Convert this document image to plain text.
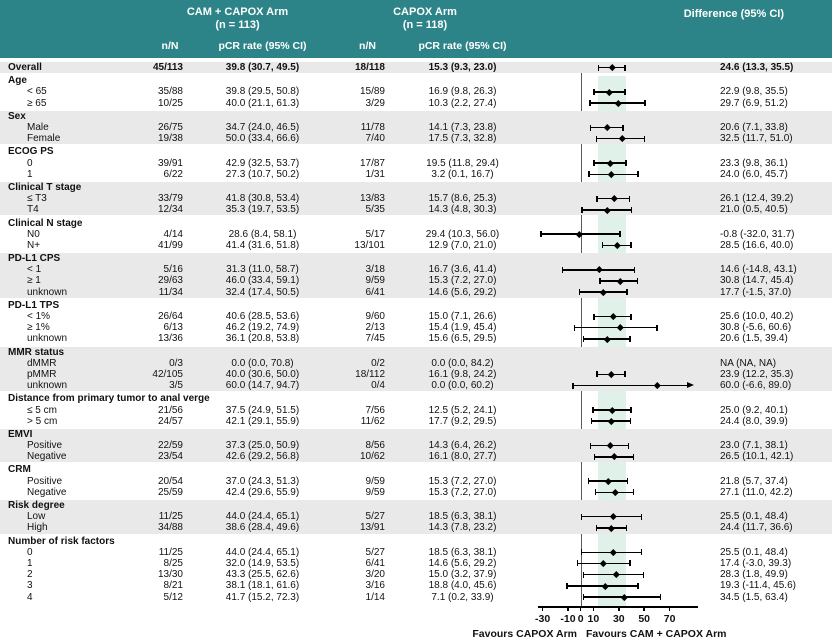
CAM + CAPOX Arm
(n = 113)
CAPOX Arm
(n = 118)
Difference (95% CI)
n/N	pCR rate (95% CI)	n/N	pCR rate (95% CI)
Overall	45/113	39.8 (30.7, 49.5)	18/118	15.3 (9.3, 23.0)	24.6 (13.3, 35.5)
Age
< 65	35/88	39.8 (29.5, 50.8)	15/89	16.9 (9.8, 26.3)	22.9 (9.8, 35.5)
≥ 65	10/25	40.0 (21.1, 61.3)	3/29	10.3 (2.2, 27.4)	29.7 (6.9, 51.2)
Sex
Male	26/75	34.7 (24.0, 46.5)	11/78	14.1 (7.3, 23.8)	20.6 (7.1, 33.8)
Female	19/38	50.0 (33.4, 66.6)	7/40	17.5 (7.3, 32.8)	32.5 (11.7, 51.0)
ECOG PS
0	39/91	42.9 (32.5, 53.7)	17/87	19.5 (11.8, 29.4)	23.3 (9.8, 36.1)
1	6/22	27.3 (10.7, 50.2)	1/31	3.2 (0.1, 16.7)	24.0 (6.0, 45.7)
Clinical T stage
≤ T3	33/79	41.8 (30.8, 53.4)	13/83	15.7 (8.6, 25.3)	26.1 (12.4, 39.2)
T4	12/34	35.3 (19.7, 53.5)	5/35	14.3 (4.8, 30.3)	21.0 (0.5, 40.5)
Clinical N stage
N0	4/14	28.6 (8.4, 58.1)	5/17	29.4 (10.3, 56.0)	-0.8 (-32.0, 31.7)
N+	41/99	41.4 (31.6, 51.8)	13/101	12.9 (7.0, 21.0)	28.5 (16.6, 40.0)
PD-L1 CPS
< 1	5/16	31.3 (11.0, 58.7)	3/18	16.7 (3.6, 41.4)	14.6 (-14.8, 43.1)
≥ 1	29/63	46.0 (33.4, 59.1)	9/59	15.3 (7.2, 27.0)	30.8 (14.7, 45.4)
unknown	11/34	32.4 (17.4, 50.5)	6/41	14.6 (5.6, 29.2)	17.7 (-1.5, 37.0)
PD-L1 TPS
< 1%	26/64	40.6 (28.5, 53.6)	9/60	15.0 (7.1, 26.6)	25.6 (10.0, 40.2)
≥ 1%	6/13	46.2 (19.2, 74.9)	2/13	15.4 (1.9, 45.4)	30.8 (-5.6, 60.6)
unknown	13/36	36.1 (20.8, 53.8)	7/45	15.6 (6.5, 29.5)	20.6 (1.5, 39.4)
MMR status
dMMR	0/3	0.0 (0.0, 70.8)	0/2	0.0 (0.0, 84.2)	NA (NA, NA)
pMMR	42/105	40.0 (30.6, 50.0)	18/112	16.1 (9.8, 24.2)	23.9 (12.2, 35.3)
unknown	3/5	60.0 (14.7, 94.7)	0/4	0.0 (0.0, 60.2)	60.0 (-6.6, 89.0)
Distance from primary tumor to anal verge
≤ 5 cm	21/56	37.5 (24.9, 51.5)	7/56	12.5 (5.2, 24.1)	25.0 (9.2, 40.1)
> 5 cm	24/57	42.1 (29.1, 55.9)	11/62	17.7 (9.2, 29.5)	24.4 (8.0, 39.9)
EMVI
Positive	22/59	37.3 (25.0, 50.9)	8/56	14.3 (6.4, 26.2)	23.0 (7.1, 38.1)
Negative	23/54	42.6 (29.2, 56.8)	10/62	16.1 (8.0, 27.7)	26.5 (10.1, 42.1)
CRM
Positive	20/54	37.0 (24.3, 51.3)	9/59	15.3 (7.2, 27.0)	21.8 (5.7, 37.4)
Negative	25/59	42.4 (29.6, 55.9)	9/59	15.3 (7.2, 27.0)	27.1 (11.0, 42.2)
Risk degree
Low	11/25	44.0 (24.4, 65.1)	5/27	18.5 (6.3, 38.1)	25.5 (0.1, 48.4)
High	34/88	38.6 (28.4, 49.6)	13/91	14.3 (7.8, 23.2)	24.4 (11.7, 36.6)
Number of risk factors
0	11/25	44.0 (24.4, 65.1)	5/27	18.5 (6.3, 38.1)	25.5 (0.1, 48.4)
1	8/25	32.0 (14.9, 53.5)	6/41	14.6 (5.6, 29.2)	17.4 (-3.0, 39.3)
2	13/30	43.3 (25.5, 62.6)	3/20	15.0 (3.2, 37.9)	28.3 (1.8, 49.9)
3	8/21	38.1 (18.1, 61.6)	3/16	18.8 (4.0, 45.6)	19.3 (-11.4, 45.6)
4	5/12	41.7 (15.2, 72.3)	1/14	7.1 (0.2, 33.9)	34.5 (1.5, 63.4)
-30 -10 0 10	30	50	70
Favours CAPOX Arm Favours CAM + CAPOX Arm
